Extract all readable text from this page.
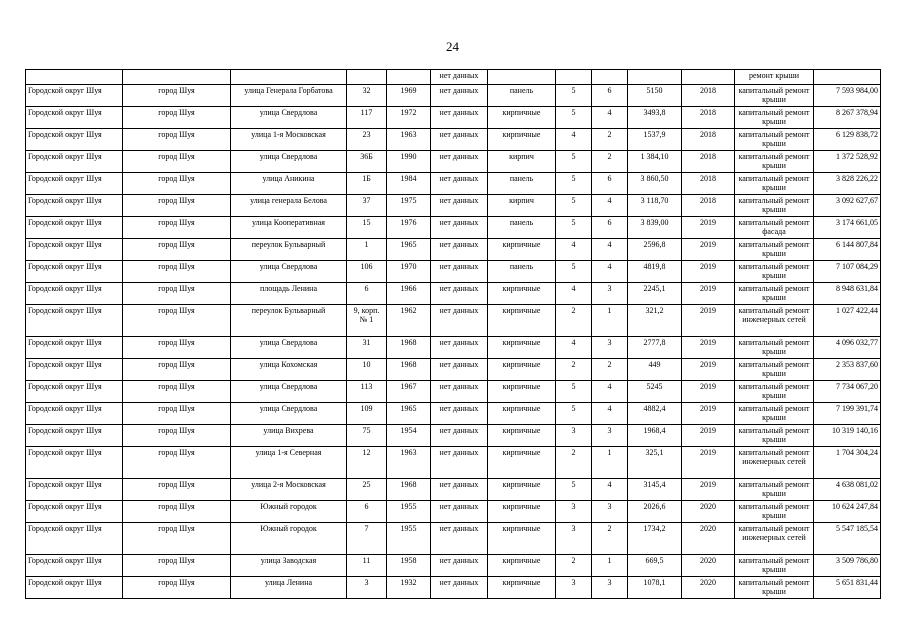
24
					нет данных						ремонт крыши	
Городской округ Шуя	город Шуя	улица Генерала Горбатова	32	1969	нет данных	панель	5	6	5150	2018	капитальный ремонт крыши	7 593 984,00
Городской округ Шуя	город Шуя	улица Свердлова	117	1972	нет данных	кирпичные	5	4	3493,8	2018	капитальный ремонт крыши	8 267 378,94
Городской округ Шуя	город Шуя	улица 1-я Московская	23	1963	нет данных	кирпичные	4	2	1537,9	2018	капитальный ремонт крыши	6 129 838,72
Городской округ Шуя	город Шуя	улица Свердлова	36Б	1990	нет данных	кирпич	5	2	1 384,10	2018	капитальный ремонт крыши	1 372 528,92
Городской округ Шуя	город Шуя	улица Аникина	1Б	1984	нет данных	панель	5	6	3 860,50	2018	капитальный ремонт крыши	3 828 226,22
Городской округ Шуя	город Шуя	улица генерала Белова	37	1975	нет данных	кирпич	5	4	3 118,70	2018	капитальный ремонт крыши	3 092 627,67
Городской округ Шуя	город Шуя	улица Кооперативная	15	1976	нет данных	панель	5	6	3 839,00	2019	капитальный ремонт фасада	3 174 661,05
Городской округ Шуя	город Шуя	переулок Бульварный	1	1965	нет данных	кирпичные	4	4	2596,8	2019	капитальный ремонт крыши	6 144 807,84
Городской округ Шуя	город Шуя	улица Свердлова	106	1970	нет данных	панель	5	4	4819,8	2019	капитальный ремонт крыши	7 107 084,29
Городской округ Шуя	город Шуя	площадь Ленина	6	1966	нет данных	кирпичные	4	3	2245,1	2019	капитальный ремонт крыши	8 948 631,84
Городской округ Шуя	город Шуя	переулок Бульварный	9, корп. № 1	1962	нет данных	кирпичные	2	1	321,2	2019	капитальный ремонт инженерных сетей	1 027 422,44
Городской округ Шуя	город Шуя	улица Свердлова	31	1968	нет данных	кирпичные	4	3	2777,8	2019	капитальный ремонт крыши	4 096 032,77
Городской округ Шуя	город Шуя	улица Кохомская	10	1968	нет данных	кирпичные	2	2	449	2019	капитальный ремонт крыши	2 353 837,60
Городской округ Шуя	город Шуя	улица Свердлова	113	1967	нет данных	кирпичные	5	4	5245	2019	капитальный ремонт крыши	7 734 067,20
Городской округ Шуя	город Шуя	улица Свердлова	109	1965	нет данных	кирпичные	5	4	4882,4	2019	капитальный ремонт крыши	7 199 391,74
Городской округ Шуя	город Шуя	улица Вихрева	75	1954	нет данных	кирпичные	3	3	1968,4	2019	капитальный ремонт крыши	10 319 140,16
Городской округ Шуя	город Шуя	улица 1-я Северная	12	1963	нет данных	кирпичные	2	1	325,1	2019	капитальный ремонт инженерных сетей	1 704 304,24
Городской округ Шуя	город Шуя	улица 2-я Московская	25	1968	нет данных	кирпичные	5	4	3145,4	2019	капитальный ремонт крыши	4 638 081,02
Городской округ Шуя	город Шуя	Южный городок	6	1955	нет данных	кирпичные	3	3	2026,6	2020	капитальный ремонт крыши	10 624 247,84
Городской округ Шуя	город Шуя	Южный городок	7	1955	нет данных	кирпичные	3	2	1734,2	2020	капитальный ремонт инженерных сетей	5 547 185,54
Городской округ Шуя	город Шуя	улица Заводская	11	1958	нет данных	кирпичные	2	1	669,5	2020	капитальный ремонт крыши	3 509 786,80
Городской округ Шуя	город Шуя	улица Ленина	3	1932	нет данных	кирпичные	3	3	1078,1	2020	капитальный ремонт крыши	5 651 831,44
